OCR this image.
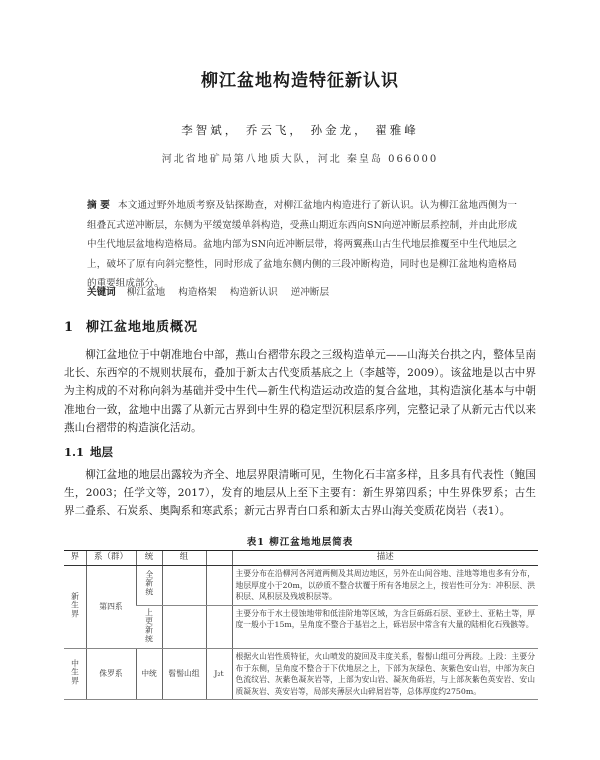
柳江盆地构造特征新认识
李智斌， 乔云飞， 孙金龙， 翟雅峰
河北省地矿局第八地质大队，河北 秦皇岛 066000
摘 要 本文通过野外地质考察及钻探勘查，对柳江盆地内构造进行了新认识。认为柳江盆地西侧为一组叠瓦式逆冲断层，东侧为平缓宽缓单斜构造，受燕山期近东西向SN向逆冲断层系控制，并由此形成中生代地层盆地构造格局。盆地内部为SN向近冲断层带，将两翼燕山古生代地层推覆至中生代地层之上，破坏了原有向斜完整性，同时形成了盆地东侧内侧的三段冲断构造，同时也是柳江盆地构造格局的重要组成部分。
关键词 柳江盆地 构造格架 构造新认识 逆冲断层
1 柳江盆地地质概况
柳江盆地位于中朝准地台中部，燕山台褶带东段之三级构造单元——山海关台拱之内，整体呈南北长、东西窄的不规则状展布，叠加于新太古代变质基底之上（李越等，2009）。该盆地是以古中界为主构成的不对称向斜为基础并受中生代—新生代构造运动改造的复合盆地，其构造演化基本与中朝准地台一致，盆地中出露了从新元古界到中生界的稳定型沉积层系序列，完整记录了从新元古代以来燕山台褶带的构造演化活动。
1.1 地层
柳江盆地的地层出露较为齐全、地层界限清晰可见，生物化石丰富多样，且多具有代表性（鲍国生，2003；任学文等，2017），发育的地层从上至下主要有：新生界第四系；中生界侏罗系；古生界二叠系、石炭系、奥陶系和寒武系；新元古界青白口系和新太古界山海关变质花岗岩（表1）。
表1 柳江盆地地层简表
界	系（群）	统	组		描述
新生界	第四系	全新统			主要分布在沿柳河各河道两侧及其周边地区，另外在山间谷地、洼地等地也多有分布，地层厚度小于20m，以砂质不整合状覆于所有各地层之上，按岩性可分为：冲积层、洪积层、风积层及残坡积层等。
		上更新统			主要分布于水土侵蚀地带和低洼阶地等区域，为含巨砾砾石层、亚砂土、亚粘土等，厚度一般小于15m，呈角度不整合于基岩之上，砾岩层中常含有大量的陆相化石残骸等。
中生界	侏罗系	中统	髫髻山组	J₂t	根据火山岩性质特征，火山喷发的旋回及丰度关系，髫髻山组可分两段。上段：主要分布于东侧，呈角度不整合于下伏地层之上，下部为灰绿色、灰紫色安山岩，中部为灰白色流纹岩、灰紫色凝灰岩等，上部为安山岩、凝灰角砾岩，与上部灰紫色英安岩、安山质凝灰岩、英安岩等，局部夹薄层火山碎屑岩等，总体厚度约2750m。
